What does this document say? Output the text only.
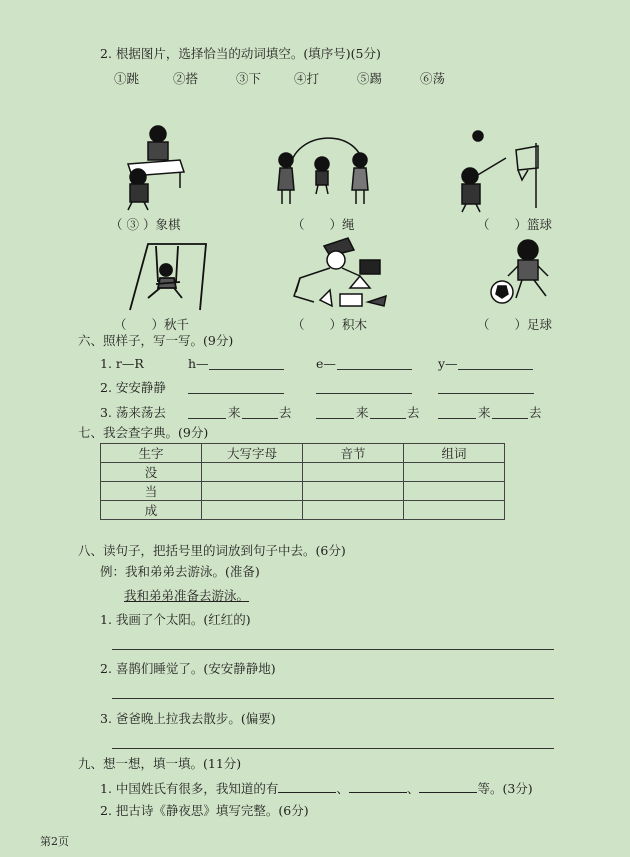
2. 根据图片，选择恰当的动词填空。(填序号)(5分)
①跳	②搭	③下	④打	⑤踢	⑥荡
（ ③ ）象棋	（　　）绳	（　　）篮球
（　　）秋千	（　　）积木	（　　）足球
六、照样子，写一写。(9分)
1. r—R	h—	e—	y—
2. 安安静静
3. 荡来荡去	来	去	来	去	来	去
七、我会查字典。(9分)
生字	大写字母	音节	组词
没			
当			
成			
八、读句子，把括号里的词放到句子中去。(6分)
例：我和弟弟去游泳。(准备)
我和弟弟准备去游泳。
1. 我画了个太阳。(红红的)
2. 喜鹊们睡觉了。(安安静静地)
3. 爸爸晚上拉我去散步。(偏要)
九、想一想，填一填。(11分)
1. 中国姓氏有很多，我知道的有	、	、	等。(3分)
2. 把古诗《静夜思》填写完整。(6分)
第2页
